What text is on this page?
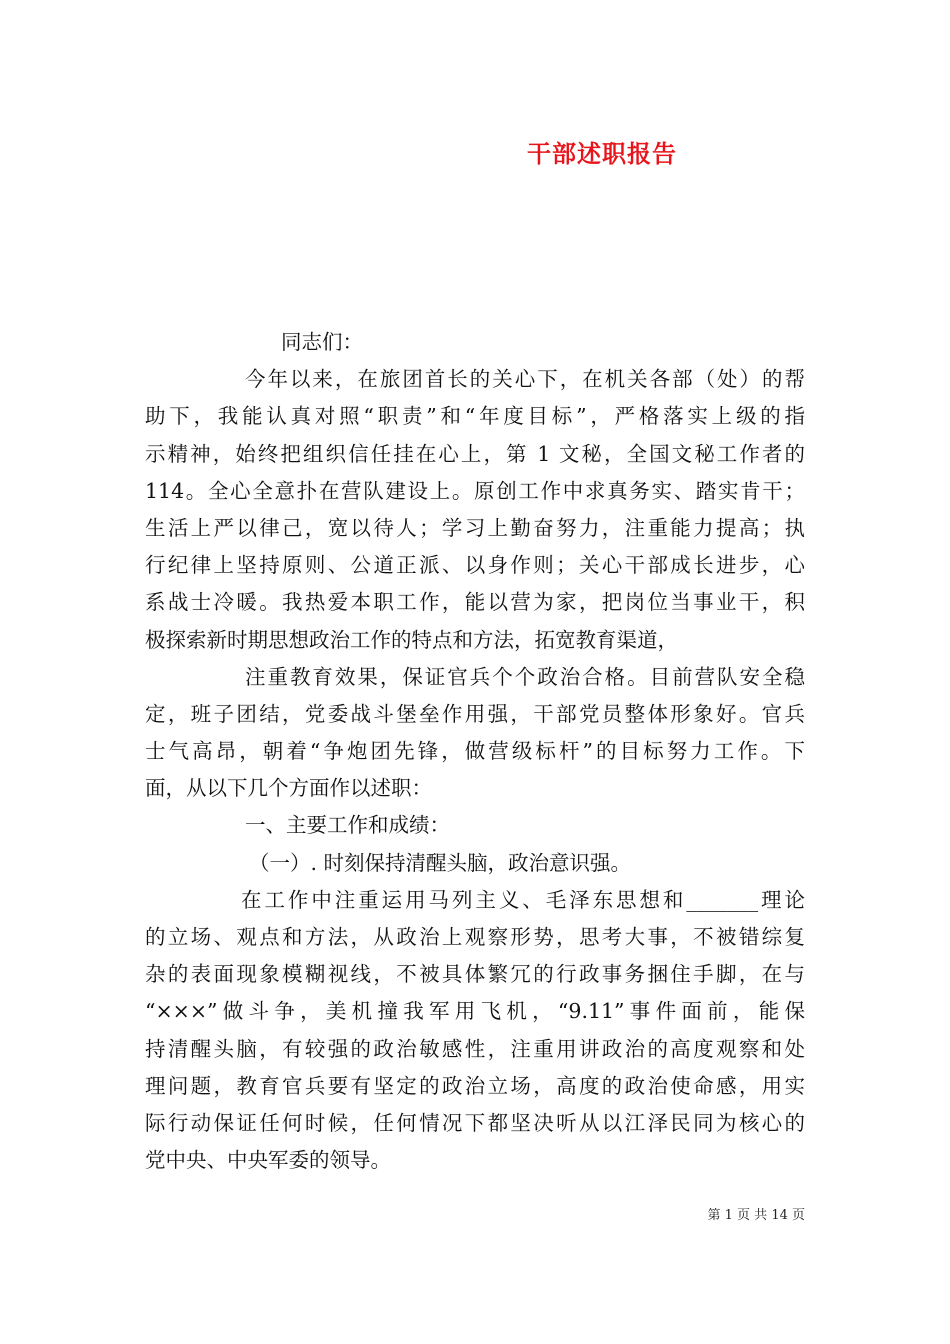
干部述职报告
同志们：
今年以来，在旅团首长的关心下，在机关各部（处）的帮
助下，我能认真对照“职责”和“年度目标”，严格落实上级的指
示精神，始终把组织信任挂在心上，第 1 文秘，全国文秘工作者的
114。全心全意扑在营队建设上。原创工作中求真务实、踏实肯干；
生活上严以律己，宽以待人；学习上勤奋努力，注重能力提高；执
行纪律上坚持原则、公道正派、以身作则；关心干部成长进步，心
系战士冷暖。我热爱本职工作，能以营为家，把岗位当事业干，积
极探索新时期思想政治工作的特点和方法，拓宽教育渠道，
注重教育效果，保证官兵个个政治合格。目前营队安全稳
定，班子团结，党委战斗堡垒作用强，干部党员整体形象好。官兵
士气高昂，朝着“争炮团先锋，做营级标杆”的目标努力工作。下
面，从以下几个方面作以述职：
一、主要工作和成绩：
（一）. 时刻保持清醒头脑，政治意识强。
在工作中注重运用马列主义、毛泽东思想和_______理论
的立场、观点和方法，从政治上观察形势，思考大事，不被错综复
杂的表面现象模糊视线，不被具体繁冗的行政事务捆住手脚，在与
“×××”做斗争，美机撞我军用飞机，“9.11”事件面前，能保
持清醒头脑，有较强的政治敏感性，注重用讲政治的高度观察和处
理问题，教育官兵要有坚定的政治立场，高度的政治使命感，用实
际行动保证任何时候，任何情况下都坚决听从以江泽民同为核心的
党中央、中央军委的领导。
第 1 页 共 14 页
